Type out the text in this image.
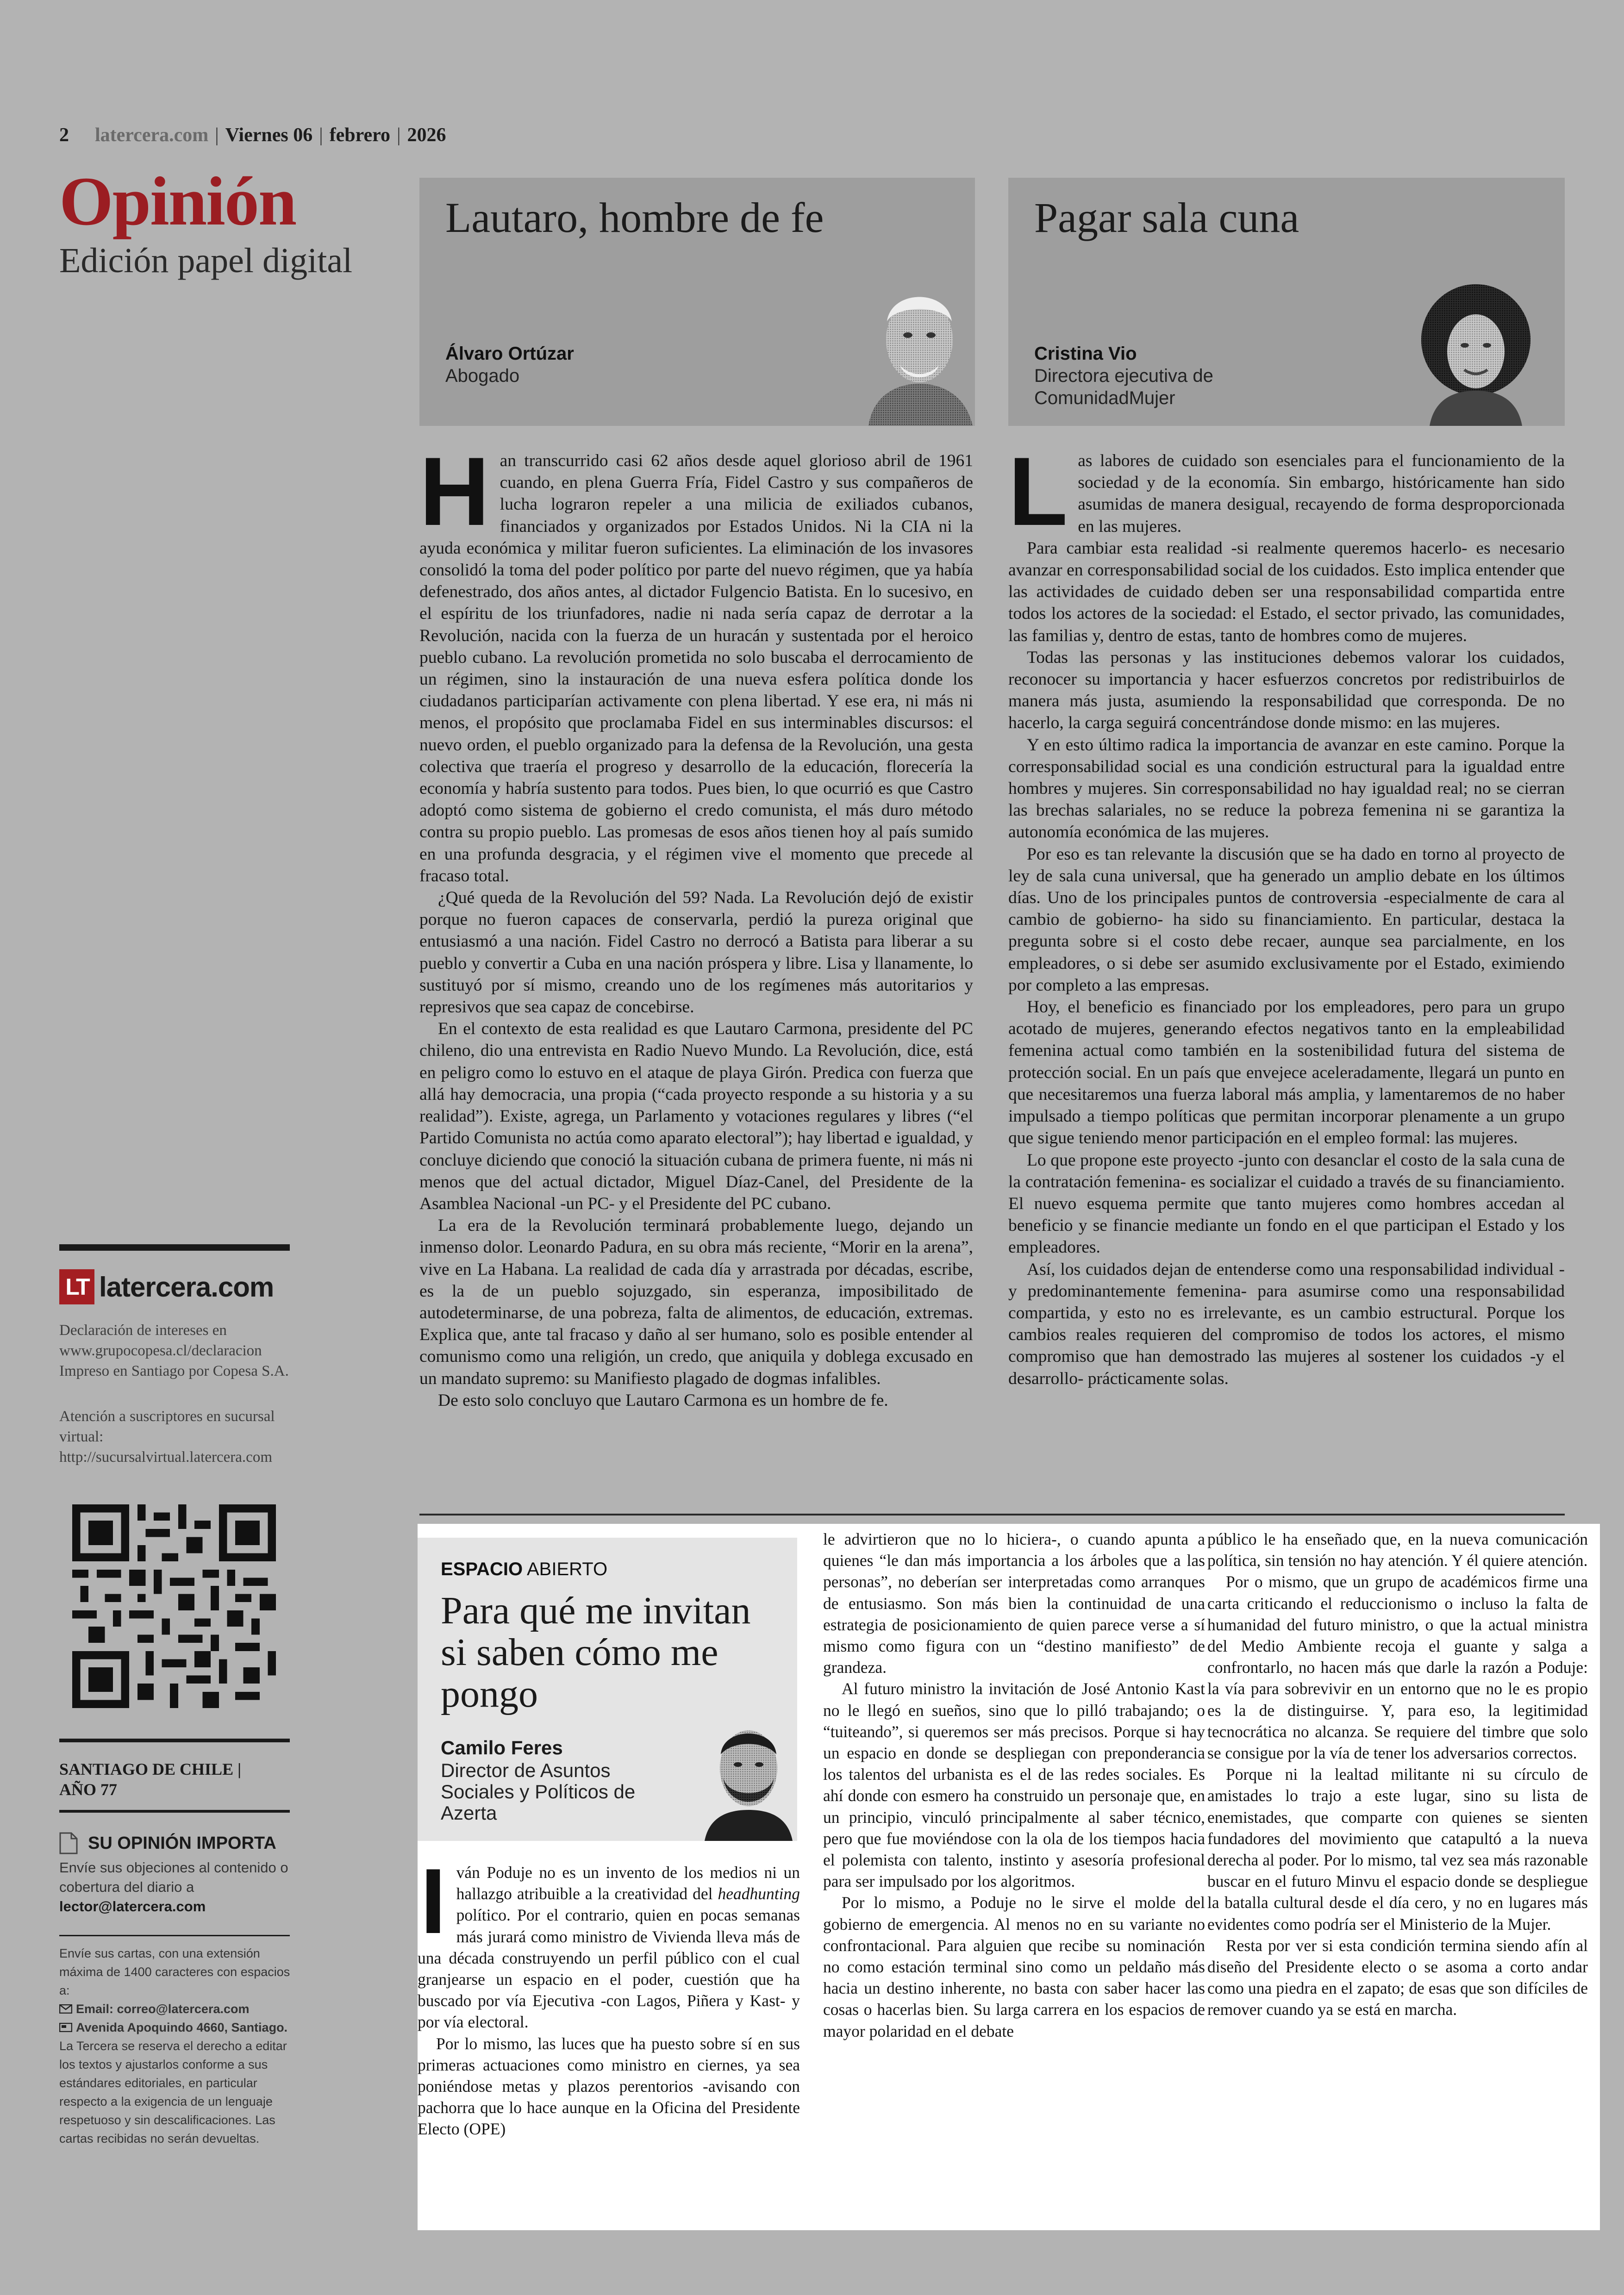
2 latercera.com | Viernes 06 | febrero | 2026
Opinión
Edición papel digital
Lautaro, hombre de fe
Álvaro Ortúzar
Abogado
Pagar sala cuna
Cristina Vio
Directora ejecutiva de ComunidadMujer

Han transcurrido casi 62 años desde aquel glorioso abril de 1961 cuando, en plena Guerra Fría, Fidel Castro y sus compañeros de lucha lograron repeler a una milicia de exiliados cubanos, financiados y organizados por Estados Unidos. Ni la CIA ni la ayuda económica y militar fueron suficientes. La eliminación de los invasores consolidó la toma del poder político por parte del nuevo régimen, que ya había defenestrado, dos años antes, al dictador Fulgencio Batista. En lo sucesivo, en el espíritu de los triunfadores, nadie ni nada sería capaz de derrotar a la Revolución, nacida con la fuerza de un huracán y sustentada por el heroico pueblo cubano. La revolución prometida no solo buscaba el derrocamiento de un régimen, sino la instauración de una nueva esfera política donde los ciudadanos participarían activamente con plena libertad. Y ese era, ni más ni menos, el propósito que proclamaba Fidel en sus interminables discursos: el nuevo orden, el pueblo organizado para la defensa de la Revolución, una gesta colectiva que traería el progreso y desarrollo de la educación, florecería la economía y habría sustento para todos. Pues bien, lo que ocurrió es que Castro adoptó como sistema de gobierno el credo comunista, el más duro método contra su propio pueblo. Las promesas de esos años tienen hoy al país sumido en una profunda desgracia, y el régimen vive el momento que precede al fracaso total.

¿Qué queda de la Revolución del 59? Nada. La Revolución dejó de existir porque no fueron capaces de conservarla, perdió la pureza original que entusiasmó a una nación. Fidel Castro no derrocó a Batista para liberar a su pueblo y convertir a Cuba en una nación próspera y libre. Lisa y llanamente, lo sustituyó por sí mismo, creando uno de los regímenes más autoritarios y represivos que sea capaz de concebirse.

En el contexto de esta realidad es que Lautaro Carmona, presidente del PC chileno, dio una entrevista en Radio Nuevo Mundo. La Revolución, dice, está en peligro como lo estuvo en el ataque de playa Girón. Predica con fuerza que allá hay democracia, una propia (“cada proyecto responde a su historia y a su realidad”). Existe, agrega, un Parlamento y votaciones regulares y libres (“el Partido Comunista no actúa como aparato electoral”); hay libertad e igualdad, y concluye diciendo que conoció la situación cubana de primera fuente, ni más ni menos que del actual dictador, Miguel Díaz-Canel, del Presidente de la Asamblea Nacional -un PC- y el Presidente del PC cubano.

La era de la Revolución terminará probablemente luego, dejando un inmenso dolor. Leonardo Padura, en su obra más reciente, “Morir en la arena”, vive en La Habana. La realidad de cada día y arrastrada por décadas, escribe, es la de un pueblo sojuzgado, sin esperanza, imposibilitado de autodeterminarse, de una pobreza, falta de alimentos, de educación, extremas. Explica que, ante tal fracaso y daño al ser humano, solo es posible entender al comunismo como una religión, un credo, que aniquila y doblega excusado en un mandato supremo: su Manifiesto plagado de dogmas infalibles.

De esto solo concluyo que Lautaro Carmona es un hombre de fe.

Las labores de cuidado son esenciales para el funcionamiento de la sociedad y de la economía. Sin embargo, históricamente han sido asumidas de manera desigual, recayendo de forma desproporcionada en las mujeres.

Para cambiar esta realidad -si realmente queremos hacerlo- es necesario avanzar en corresponsabilidad social de los cuidados. Esto implica entender que las actividades de cuidado deben ser una responsabilidad compartida entre todos los actores de la sociedad: el Estado, el sector privado, las comunidades, las familias y, dentro de estas, tanto de hombres como de mujeres.

Todas las personas y las instituciones debemos valorar los cuidados, reconocer su importancia y hacer esfuerzos concretos por redistribuirlos de manera más justa, asumiendo la responsabilidad que corresponda. De no hacerlo, la carga seguirá concentrándose donde mismo: en las mujeres.

Y en esto último radica la importancia de avanzar en este camino. Porque la corresponsabilidad social es una condición estructural para la igualdad entre hombres y mujeres. Sin corresponsabilidad no hay igualdad real; no se cierran las brechas salariales, no se reduce la pobreza femenina ni se garantiza la autonomía económica de las mujeres.

Por eso es tan relevante la discusión que se ha dado en torno al proyecto de ley de sala cuna universal, que ha generado un amplio debate en los últimos días. Uno de los principales puntos de controversia -especialmente de cara al cambio de gobierno- ha sido su financiamiento. En particular, destaca la pregunta sobre si el costo debe recaer, aunque sea parcialmente, en los empleadores, o si debe ser asumido exclusivamente por el Estado, eximiendo por completo a las empresas.

Hoy, el beneficio es financiado por los empleadores, pero para un grupo acotado de mujeres, generando efectos negativos tanto en la empleabilidad femenina actual como también en la sostenibilidad futura del sistema de protección social. En un país que envejece aceleradamente, llegará un punto en que necesitaremos una fuerza laboral más amplia, y lamentaremos de no haber impulsado a tiempo políticas que permitan incorporar plenamente a un grupo que sigue teniendo menor participación en el empleo formal: las mujeres.

Lo que propone este proyecto -junto con desanclar el costo de la sala cuna de la contratación femenina- es socializar el cuidado a través de su financiamiento. El nuevo esquema permite que tanto mujeres como hombres accedan al beneficio y se financie mediante un fondo en el que participan el Estado y los empleadores.

Así, los cuidados dejan de entenderse como una responsabilidad individual -y predominantemente femenina- para asumirse como una responsabilidad compartida, y esto no es irrelevante, es un cambio estructural. Porque los cambios reales requieren del compromiso de todos los actores, el mismo compromiso que han demostrado las mujeres al sostener los cuidados -y el desarrollo- prácticamente solas.

ESPACIO ABIERTO
Para qué me invitan si saben cómo me pongo
Camilo Feres
Director de Asuntos Sociales y Políticos de Azerta

Iván Poduje no es un invento de los medios ni un hallazgo atribuible a la creatividad del headhunting político. Por el contrario, quien en pocas semanas más jurará como ministro de Vivienda lleva más de una década construyendo un perfil público con el cual granjearse un espacio en el poder, cuestión que ha buscado por vía Ejecutiva -con Lagos, Piñera y Kast- y por vía electoral.

Por lo mismo, las luces que ha puesto sobre sí en sus primeras actuaciones como ministro en ciernes, ya sea poniéndose metas y plazos perentorios -avisando con pachorra que lo hace aunque en la Oficina del Presidente Electo (OPE)

le advirtieron que no lo hiciera-, o cuando apunta a quienes “le dan más importancia a los árboles que a las personas”, no deberían ser interpretadas como arranques de entusiasmo. Son más bien la continuidad de una estrategia de posicionamiento de quien parece verse a sí mismo como figura con un “destino manifiesto” de grandeza.

Al futuro ministro la invitación de José Antonio Kast no le llegó en sueños, sino que lo pilló trabajando; o “tuiteando”, si queremos ser más precisos. Porque si hay un espacio en donde se despliegan con preponderancia los talentos del urbanista es el de las redes sociales. Es ahí donde con esmero ha construido un personaje que, en un principio, vinculó principalmente al saber técnico, pero que fue moviéndose con la ola de los tiempos hacia el polemista con talento, instinto y asesoría profesional para ser impulsado por los algoritmos.

Por lo mismo, a Poduje no le sirve el molde del gobierno de emergencia. Al menos no en su variante no confrontacional. Para alguien que recibe su nominación no como estación terminal sino como un peldaño más hacia un destino inherente, no basta con saber hacer las cosas o hacerlas bien. Su larga carrera en los espacios de mayor polaridad en el debate

público le ha enseñado que, en la nueva comunicación política, sin tensión no hay atención. Y él quiere atención.

Por o mismo, que un grupo de académicos firme una carta criticando el reduccionismo o incluso la falta de humanidad del futuro ministro, o que la actual ministra del Medio Ambiente recoja el guante y salga a confrontarlo, no hacen más que darle la razón a Poduje: la vía para sobrevivir en un entorno que no le es propio es la de distinguirse. Y, para eso, la legitimidad tecnocrática no alcanza. Se requiere del timbre que solo se consigue por la vía de tener los adversarios correctos.

Porque ni la lealtad militante ni su círculo de amistades lo trajo a este lugar, sino su lista de enemistades, que comparte con quienes se sienten fundadores del movimiento que catapultó a la nueva derecha al poder. Por lo mismo, tal vez sea más razonable buscar en el futuro Minvu el espacio donde se despliegue la batalla cultural desde el día cero, y no en lugares más evidentes como podría ser el Ministerio de la Mujer.

Resta por ver si esta condición termina siendo afín al diseño del Presidente electo o se asoma a corto andar como una piedra en el zapato; de esas que son difíciles de remover cuando ya se está en marcha.

LT latercera.com
Declaración de intereses en www.grupocopesa.cl/declaracion Impreso en Santiago por Copesa S.A.
Atención a suscriptores en sucursal virtual: http://sucursalvirtual.latercera.com
SANTIAGO DE CHILE |
AÑO 77
SU OPINIÓN IMPORTA
Envíe sus objeciones al contenido o cobertura del diario a
lector@latercera.com
Envíe sus cartas, con una extensión máxima de 1400 caracteres con espacios a:
Email: correo@latercera.com
Avenida Apoquindo 4660, Santiago.
La Tercera se reserva el derecho a editar los textos y ajustarlos conforme a sus estándares editoriales, en particular respecto a la exigencia de un lenguaje respetuoso y sin descalificaciones. Las cartas recibidas no serán devueltas.
